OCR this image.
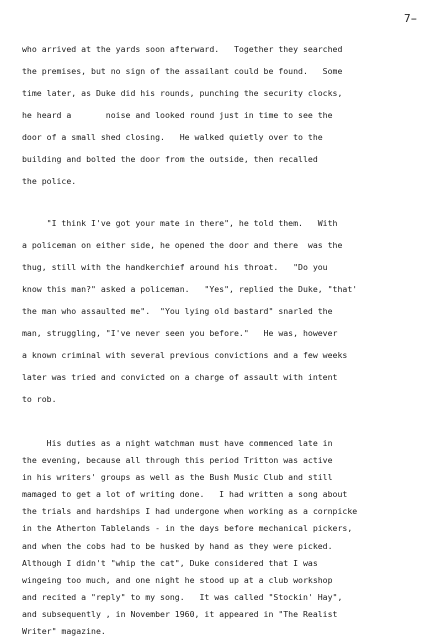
7̵
who arrived at the yards soon afterward.   Together they searched
the premises, but no sign of the assailant could be found.   Some
time later, as Duke did his rounds, punching the security clocks,
he heard a       noise and looked round just in time to see the
door of a small shed closing.   He walked quietly over to the
building and bolted the door from the outside, then recalled
the police.
"I think I've got your mate in there", he told them.   With
a policeman on either side, he opened the door and there  was the
thug, still with the handkerchief around his throat.   "Do you
know this man?" asked a policeman.   "Yes", replied the Duke, "that'
the man who assaulted me".  "You lying old bastard" snarled the
man, struggling, "I've never seen you before."   He was, however
a known criminal with several previous convictions and a few weeks
later was tried and convicted on a charge of assault with intent
to rob.
His duties as a night watchman must have commenced late in
the evening, because all through this period Tritton was active
in his writers' groups as well as the Bush Music Club and still
mamaged to get a lot of writing done.   I had written a song about
the trials and hardships I had undergone when working as a cornpicke
in the Atherton Tablelands - in the days before mechanical pickers,
and when the cobs had to be husked by hand as they were picked.
Although I didn't "whip the cat", Duke considered that I was
wingeing too much, and one night he stood up at a club workshop
and recited a "reply" to my song.   It was called "Stockin' Hay",
and subsequently , in November 1960, it appeared in "The Realist
Writer" magazine.
